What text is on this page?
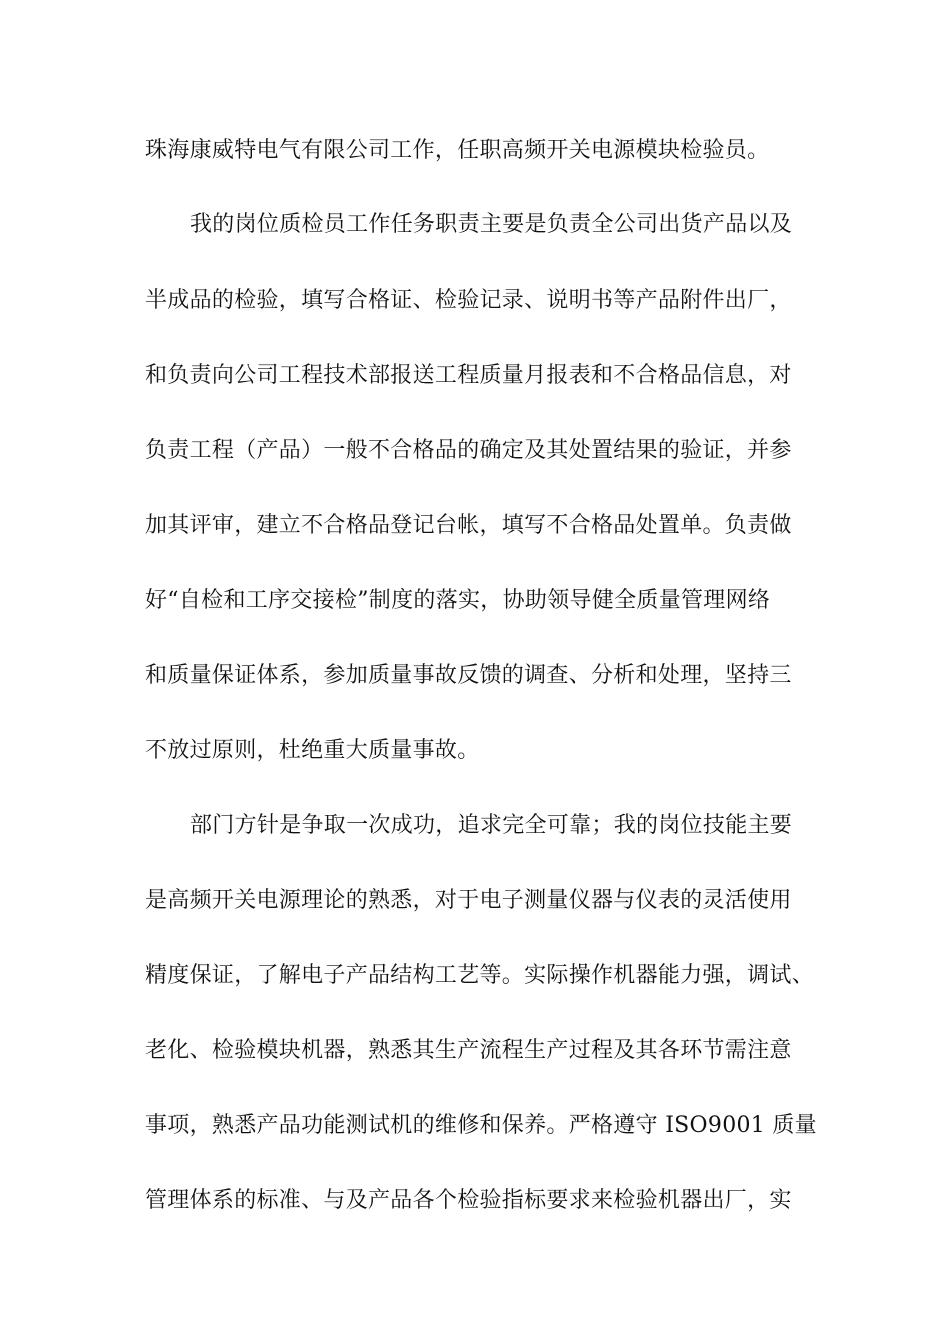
珠海康威特电气有限公司工作，任职高频开关电源模块检验员。
我的岗位质检员工作任务职责主要是负责全公司出货产品以及
半成品的检验，填写合格证、检验记录、说明书等产品附件出厂，
和负责向公司工程技术部报送工程质量月报表和不合格品信息，对
负责工程（产品）一般不合格品的确定及其处置结果的验证，并参
加其评审，建立不合格品登记台帐，填写不合格品处置单。负责做
好“自检和工序交接检”制度的落实，协助领导健全质量管理网络
和质量保证体系，参加质量事故反馈的调查、分析和处理，坚持三
不放过原则，杜绝重大质量事故。
部门方针是争取一次成功，追求完全可靠；我的岗位技能主要
是高频开关电源理论的熟悉，对于电子测量仪器与仪表的灵活使用
精度保证，了解电子产品结构工艺等。实际操作机器能力强，调试、
老化、检验模块机器，熟悉其生产流程生产过程及其各环节需注意
事项，熟悉产品功能测试机的维修和保养。严格遵守 ISO9001 质量
管理体系的标准、与及产品各个检验指标要求来检验机器出厂，实
